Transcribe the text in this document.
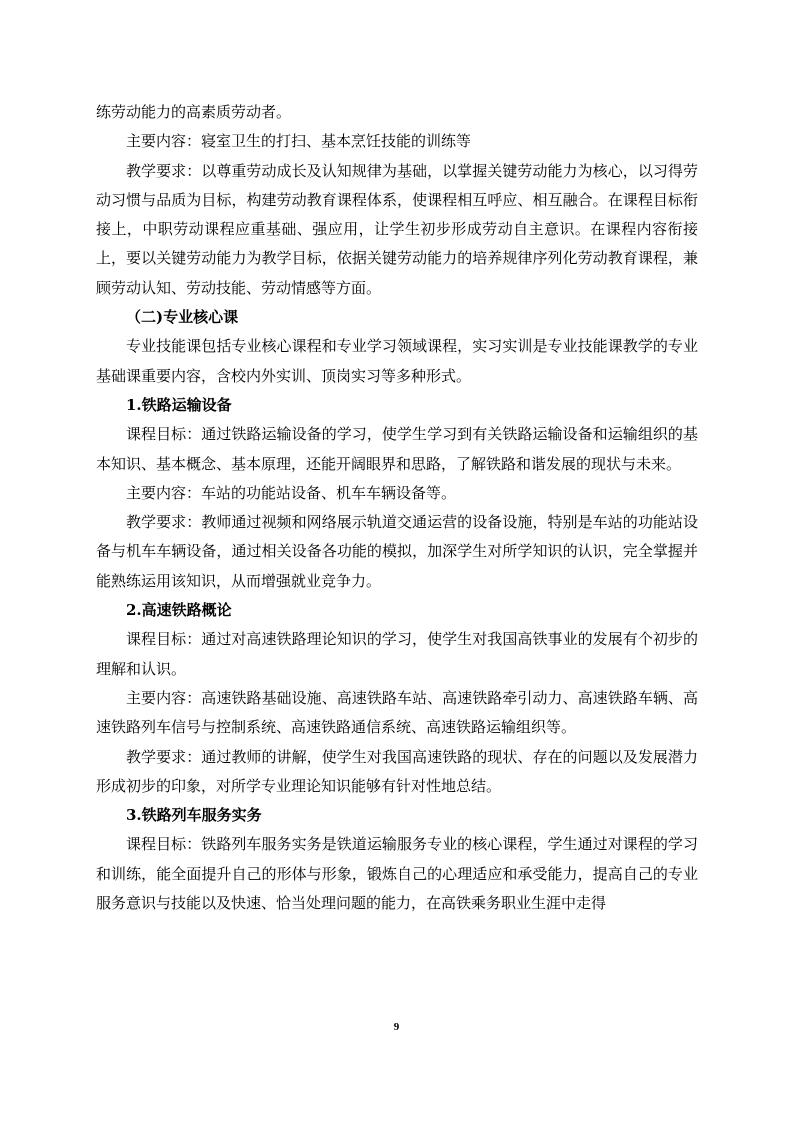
练劳动能力的高素质劳动者。

主要内容：寝室卫生的打扫、基本烹饪技能的训练等

教学要求：以尊重劳动成长及认知规律为基础，以掌握关键劳动能力为核心，以习得劳动习惯与品质为目标，构建劳动教育课程体系，使课程相互呼应、相互融合。在课程目标衔接上，中职劳动课程应重基础、强应用，让学生初步形成劳动自主意识。在课程内容衔接上，要以关键劳动能力为教学目标，依据关键劳动能力的培养规律序列化劳动教育课程，兼顾劳动认知、劳动技能、劳动情感等方面。

（二)专业核心课

专业技能课包括专业核心课程和专业学习领域课程，实习实训是专业技能课教学的专业基础课重要内容，含校内外实训、顶岗实习等多种形式。

1.铁路运输设备

课程目标：通过铁路运输设备的学习，使学生学习到有关铁路运输设备和运输组织的基本知识、基本概念、基本原理，还能开阔眼界和思路，了解铁路和谐发展的现状与未来。

主要内容：车站的功能站设备、机车车辆设备等。

教学要求：教师通过视频和网络展示轨道交通运营的设备设施，特别是车站的功能站设备与机车车辆设备，通过相关设备各功能的模拟，加深学生对所学知识的认识，完全掌握并能熟练运用该知识，从而增强就业竞争力。

2.高速铁路概论

课程目标：通过对高速铁路理论知识的学习，使学生对我国高铁事业的发展有个初步的理解和认识。

主要内容：高速铁路基础设施、高速铁路车站、高速铁路牵引动力、高速铁路车辆、高速铁路列车信号与控制系统、高速铁路通信系统、高速铁路运输组织等。

教学要求：通过教师的讲解，使学生对我国高速铁路的现状、存在的问题以及发展潜力形成初步的印象，对所学专业理论知识能够有针对性地总结。

3.铁路列车服务实务

课程目标：铁路列车服务实务是铁道运输服务专业的核心课程，学生通过对课程的学习和训练，能全面提升自己的形体与形象，锻炼自己的心理适应和承受能力，提高自己的专业服务意识与技能以及快速、恰当处理问题的能力，在高铁乘务职业生涯中走得

9
